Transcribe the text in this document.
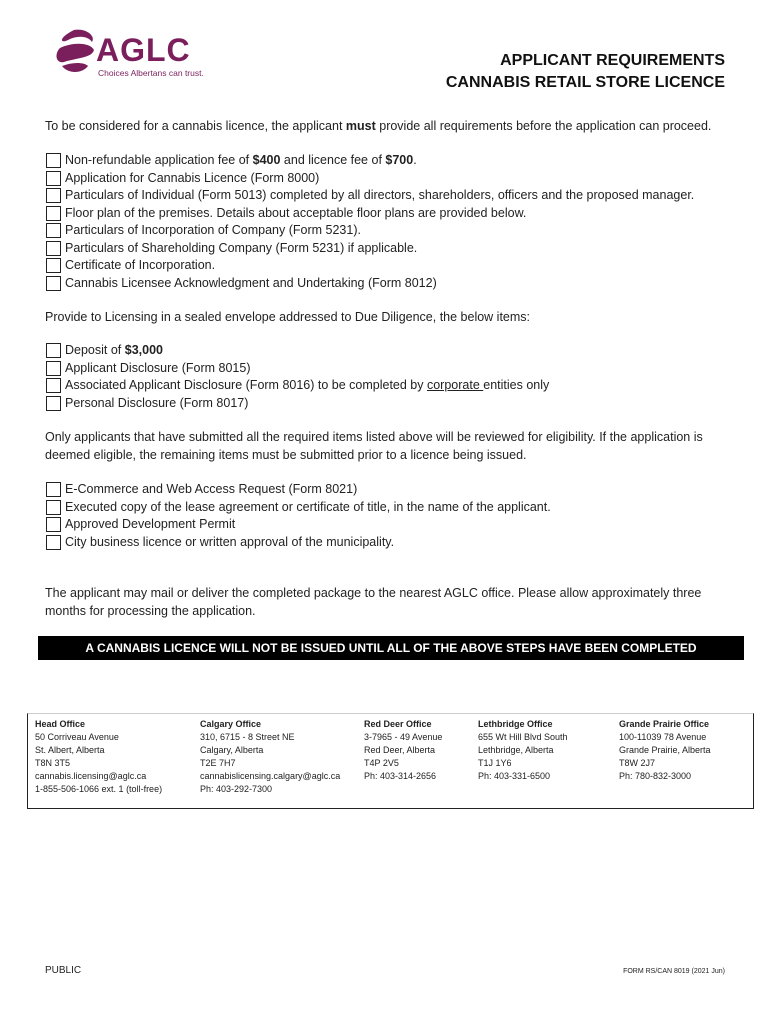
AGLC
Choices Albertans can trust.
APPLICANT REQUIREMENTS
CANNABIS RETAIL STORE LICENCE
To be considered for a cannabis licence, the applicant must provide all requirements before the application can proceed.
Non-refundable application fee of $400 and licence fee of $700.
Application for Cannabis Licence (Form 8000)
Particulars of Individual (Form 5013) completed by all directors, shareholders, officers and the proposed manager.
Floor plan of the premises. Details about acceptable floor plans are provided below.
Particulars of Incorporation of Company (Form 5231).
Particulars of Shareholding Company (Form 5231) if applicable.
Certificate of Incorporation.
Cannabis Licensee Acknowledgment and Undertaking (Form 8012)
Provide to Licensing in a sealed envelope addressed to Due Diligence, the below items:
Deposit of $3,000
Applicant Disclosure (Form 8015)
Associated Applicant Disclosure (Form 8016) to be completed by corporate entities only
Personal Disclosure (Form 8017)
Only applicants that have submitted all the required items listed above will be reviewed for eligibility. If the application is deemed eligible, the remaining items must be submitted prior to a licence being issued.
E-Commerce and Web Access Request (Form 8021)
Executed copy of the lease agreement or certificate of title, in the name of the applicant.
Approved Development Permit
City business licence or written approval of the municipality.
The applicant may mail or deliver the completed package to the nearest AGLC office. Please allow approximately three months for processing the application.
A CANNABIS LICENCE WILL NOT BE ISSUED UNTIL ALL OF THE ABOVE STEPS HAVE BEEN COMPLETED
Head Office
50 Corriveau Avenue
St. Albert, Alberta
T8N 3T5
cannabis.licensing@aglc.ca
1-855-506-1066 ext. 1 (toll-free)
Calgary Office
310, 6715 - 8 Street NE
Calgary, Alberta
T2E 7H7
cannabislicensing.calgary@aglc.ca
Ph: 403-292-7300
Red Deer Office
3-7965 - 49 Avenue
Red Deer, Alberta
T4P 2V5
Ph: 403-314-2656
Lethbridge Office
655 Wt Hill Blvd South
Lethbridge, Alberta
T1J 1Y6
Ph: 403-331-6500
Grande Prairie Office
100-11039 78 Avenue
Grande Prairie, Alberta
T8W 2J7
Ph: 780-832-3000
PUBLIC	FORM RS/CAN 8019 (2021 Jun)
